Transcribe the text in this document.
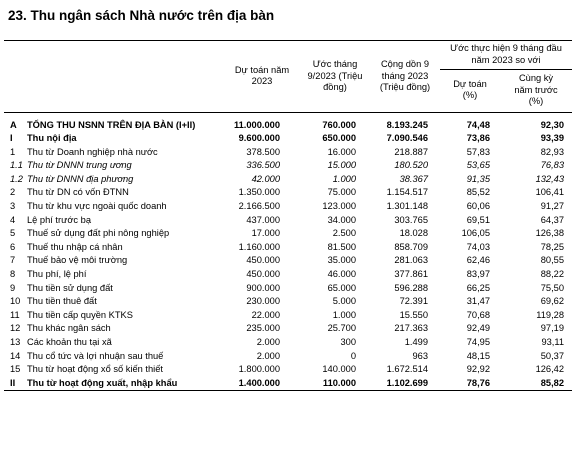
23. Thu ngân sách Nhà nước trên địa bàn
		Dự toán năm 2023	Ước tháng 9/2023 (Triệu đồng)	Cộng dồn 9 tháng 2023 (Triệu đồng)	Ước thực hiện 9 tháng đầu năm 2023 so với	
					Dự toán (%)	Cùng kỳ năm trước (%)

A	TỔNG THU NSNN TRÊN ĐỊA BÀN (I+II)	11.000.000	760.000	8.193.245	74,48	92,30
I	Thu nội địa	9.600.000	650.000	7.090.546	73,86	93,39
1	Thu từ Doanh nghiệp nhà nước	378.500	16.000	218.887	57,83	82,93
1.1	Thu từ DNNN trung ương	336.500	15.000	180.520	53,65	76,83
1.2	Thu từ DNNN địa phương	42.000	1.000	38.367	91,35	132,43
2	Thu từ DN có vốn ĐTNN	1.350.000	75.000	1.154.517	85,52	106,41
3	Thu từ khu vực ngoài quốc doanh	2.166.500	123.000	1.301.148	60,06	91,27
4	Lệ phí trước bạ	437.000	34.000	303.765	69,51	64,37
5	Thuế sử dụng đất phi nông nghiệp	17.000	2.500	18.028	106,05	126,38
6	Thuế thu nhập cá nhân	1.160.000	81.500	858.709	74,03	78,25
7	Thuế bảo vệ môi trường	450.000	35.000	281.063	62,46	80,55
8	Thu phí, lệ phí	450.000	46.000	377.861	83,97	88,22
9	Thu tiền sử dụng đất	900.000	65.000	596.288	66,25	75,50
10	Thu tiền thuê đất	230.000	5.000	72.391	31,47	69,62
11	Thu tiền cấp quyền KTKS	22.000	1.000	15.550	70,68	119,28
12	Thu khác ngân sách	235.000	25.700	217.363	92,49	97,19
13	Các khoản thu tại xã	2.000	300	1.499	74,95	93,11
14	Thu cổ tức và lợi nhuận sau thuế	2.000	0	963	48,15	50,37
15	Thu từ hoạt động xổ số kiến thiết	1.800.000	140.000	1.672.514	92,92	126,42
II	Thu từ hoạt động xuất, nhập khẩu	1.400.000	110.000	1.102.699	78,76	85,82
